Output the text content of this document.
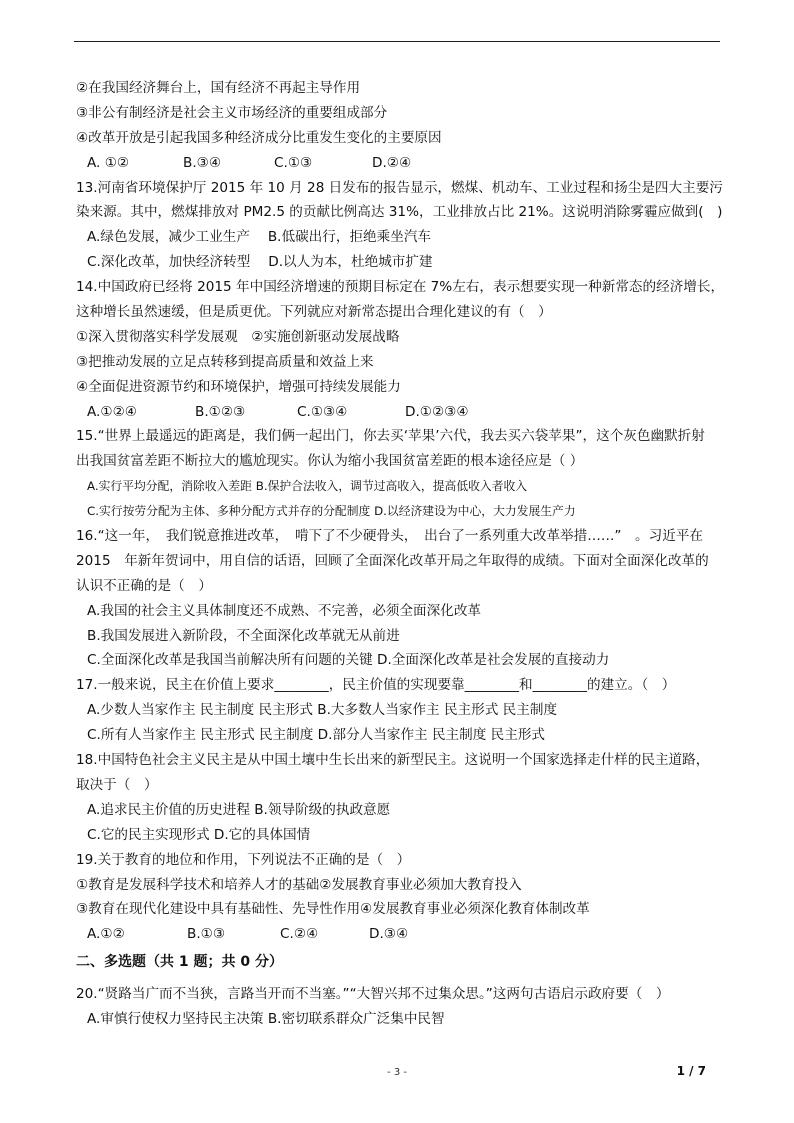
②在我国经济舞台上，国有经济不再起主导作用
③非公有制经济是社会主义市场经济的重要组成部分
④改革开放是引起我国多种经济成分比重发生变化的主要原因
A. ①②	B.③④	C.①③	D.②④
13.河南省环境保护厅 2015 年 10 月 28 日发布的报告显示，燃煤、机动车、工业过程和扬尘是四大主要污
染来源。其中，燃煤排放对 PM2.5 的贡献比例高达 31%，工业排放占比 21%。这说明消除雾霾应做到(　)
A.绿色发展，减少工业生产　 B.低碳出行，拒绝乘坐汽车
C.深化改革，加快经济转型　 D.以人为本，杜绝城市扩建
14.中国政府已经将 2015 年中国经济增速的预期目标定在 7%左右，表示想要实现一种新常态的经济增长，
这种增长虽然速缓，但是质更优。下列就应对新常态提出合理化建议的有（　）
①深入贯彻落实科学发展观　②实施创新驱动发展战略
③把推动发展的立足点转移到提高质量和效益上来
④全面促进资源节约和环境保护，增强可持续发展能力
A.①②④	B.①②③	C.①③④	D.①②③④
15.“世界上最遥远的距离是，我们俩一起出门，你去买‘苹果’六代，我去买六袋苹果”，这个灰色幽默折射
出我国贫富差距不断拉大的尴尬现实。你认为缩小我国贫富差距的根本途径应是（ ）
A.实行平均分配，消除收入差距 B.保护合法收入，调节过高收入，提高低收入者收入
C.实行按劳分配为主体、多种分配方式并存的分配制度 D.以经济建设为中心，大力发展生产力
16.“这一年，　我们锐意推进改革，　啃下了不少硬骨头，　出台了一系列重大改革举措……”　。习近平在
2015　年新年贺词中，用自信的话语，回顾了全面深化改革开局之年取得的成绩。下面对全面深化改革的
认识不正确的是（　）
A.我国的社会主义具体制度还不成熟、不完善，必须全面深化改革
B.我国发展进入新阶段，不全面深化改革就无从前进
C.全面深化改革是我国当前解决所有问题的关键 D.全面深化改革是社会发展的直接动力
17.一般来说，民主在价值上要求________，民主价值的实现要靠________和________的建立。（　）
A.少数人当家作主 民主制度 民主形式 B.大多数人当家作主 民主形式 民主制度
C.所有人当家作主 民主形式 民主制度 D.部分人当家作主 民主制度 民主形式
18.中国特色社会主义民主是从中国土壤中生长出来的新型民主。这说明一个国家选择走什样的民主道路，
取决于（　）
A.追求民主价值的历史进程 B.领导阶级的执政意愿
C.它的民主实现形式 D.它的具体国情
19.关于教育的地位和作用，下列说法不正确的是（　）
①教育是发展科学技术和培养人才的基础②发展教育事业必须加大教育投入
③教育在现代化建设中具有基础性、先导性作用④发展教育事业必须深化教育体制改革
A.①②	B.①③	C.②④	D.③④
二、多选题（共 1 题；共 0 分）
20.“贤路当广而不当狭，言路当开而不当塞。”“大智兴邦不过集众思。”这两句古语启示政府要（　）
A.审慎行使权力坚持民主决策 B.密切联系群众广泛集中民智
- 3 -	1 / 7
